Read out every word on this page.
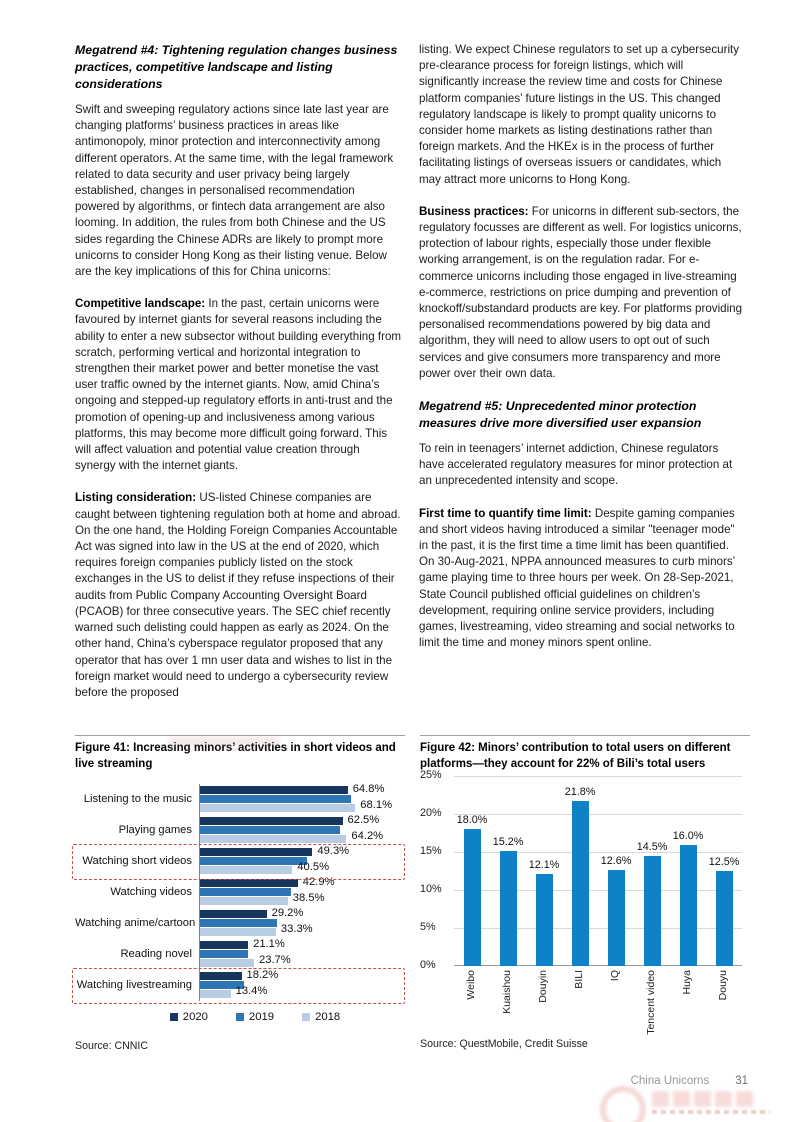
Megatrend #4: Tightening regulation changes business practices, competitive landscape and listing considerations

Swift and sweeping regulatory actions since late last year are changing platforms’ business practices in areas like antimonopoly, minor protection and interconnectivity among different operators. At the same time, with the legal framework related to data security and user privacy being largely established, changes in personalised recommendation powered by algorithms, or fintech data arrangement are also looming. In addition, the rules from both Chinese and the US sides regarding the Chinese ADRs are likely to prompt more unicorns to consider Hong Kong as their listing venue. Below are the key implications of this for China unicorns:

Competitive landscape: In the past, certain unicorns were favoured by internet giants for several reasons including the ability to enter a new subsector without building everything from scratch, performing vertical and horizontal integration to strengthen their market power and better monetise the vast user traffic owned by the internet giants. Now, amid China’s ongoing and stepped-up regulatory efforts in anti-trust and the promotion of opening-up and inclusiveness among various platforms, this may become more difficult going forward. This will affect valuation and potential value creation through synergy with the internet giants.

Listing consideration: US-listed Chinese companies are caught between tightening regulation both at home and abroad. On the one hand, the Holding Foreign Companies Accountable Act was signed into law in the US at the end of 2020, which requires foreign companies publicly listed on the stock exchanges in the US to delist if they refuse inspections of their audits from Public Company Accounting Oversight Board (PCAOB) for three consecutive years. The SEC chief recently warned such delisting could happen as early as 2024. On the other hand, China’s cyberspace regulator proposed that any operator that has over 1 mn user data and wishes to list in the foreign market would need to undergo a cybersecurity review before the proposed

listing. We expect Chinese regulators to set up a cybersecurity pre-clearance process for foreign listings, which will significantly increase the review time and costs for Chinese platform companies’ future listings in the US. This changed regulatory landscape is likely to prompt quality unicorns to consider home markets as listing destinations rather than foreign markets. And the HKEx is in the process of further facilitating listings of overseas issuers or candidates, which may attract more unicorns to Hong Kong.

Business practices: For unicorns in different sub-sectors, the regulatory focusses are different as well. For logistics unicorns, protection of labour rights, especially those under flexible working arrangement, is on the regulation radar. For e-commerce unicorns including those engaged in live-streaming e-commerce, restrictions on price dumping and prevention of knockoff/substandard products are key. For platforms providing personalised recommendations powered by big data and algorithm, they will need to allow users to opt out of such services and give consumers more transparency and more power over their own data.

Megatrend #5: Unprecedented minor protection measures drive more diversified user expansion

To rein in teenagers’ internet addiction, Chinese regulators have accelerated regulatory measures for minor protection at an unprecedented intensity and scope.

First time to quantify time limit: Despite gaming companies and short videos having introduced a similar "teenager mode" in the past, it is the first time a time limit has been quantified. On 30-Aug-2021, NPPA announced measures to curb minors’ game playing time to three hours per week. On 28-Sep-2021, State Council published official guidelines on children’s development, requiring online service providers, including games, livestreaming, video streaming and social networks to limit the time and money minors spent online.

Figure 41: Increasing minors’ activities in short videos and live streaming
Listening to the music
64.8%
68.1%
Playing games
62.5%
64.2%
Watching short videos
49.3%
40.5%
Watching videos
42.9%
38.5%
Watching anime/cartoon
29.2%
33.3%
Reading novel
21.1%
23.7%
Watching livestreaming
18.2%
13.4%
2020	2019	2018
Source: CNNIC
Figure 42: Minors’ contribution to total users on different platforms—they account for 22% of Bili’s total users
0%
5%
10%
15%
20%
25%
18.0%
15.2%
12.1%
21.8%
12.6%
14.5%
16.0%
12.5%
Weibo Kuaishou Douyin BILI IQ Tencent video Huya Douyu
Source: QuestMobile, Credit Suisse
China Unicorns 31
